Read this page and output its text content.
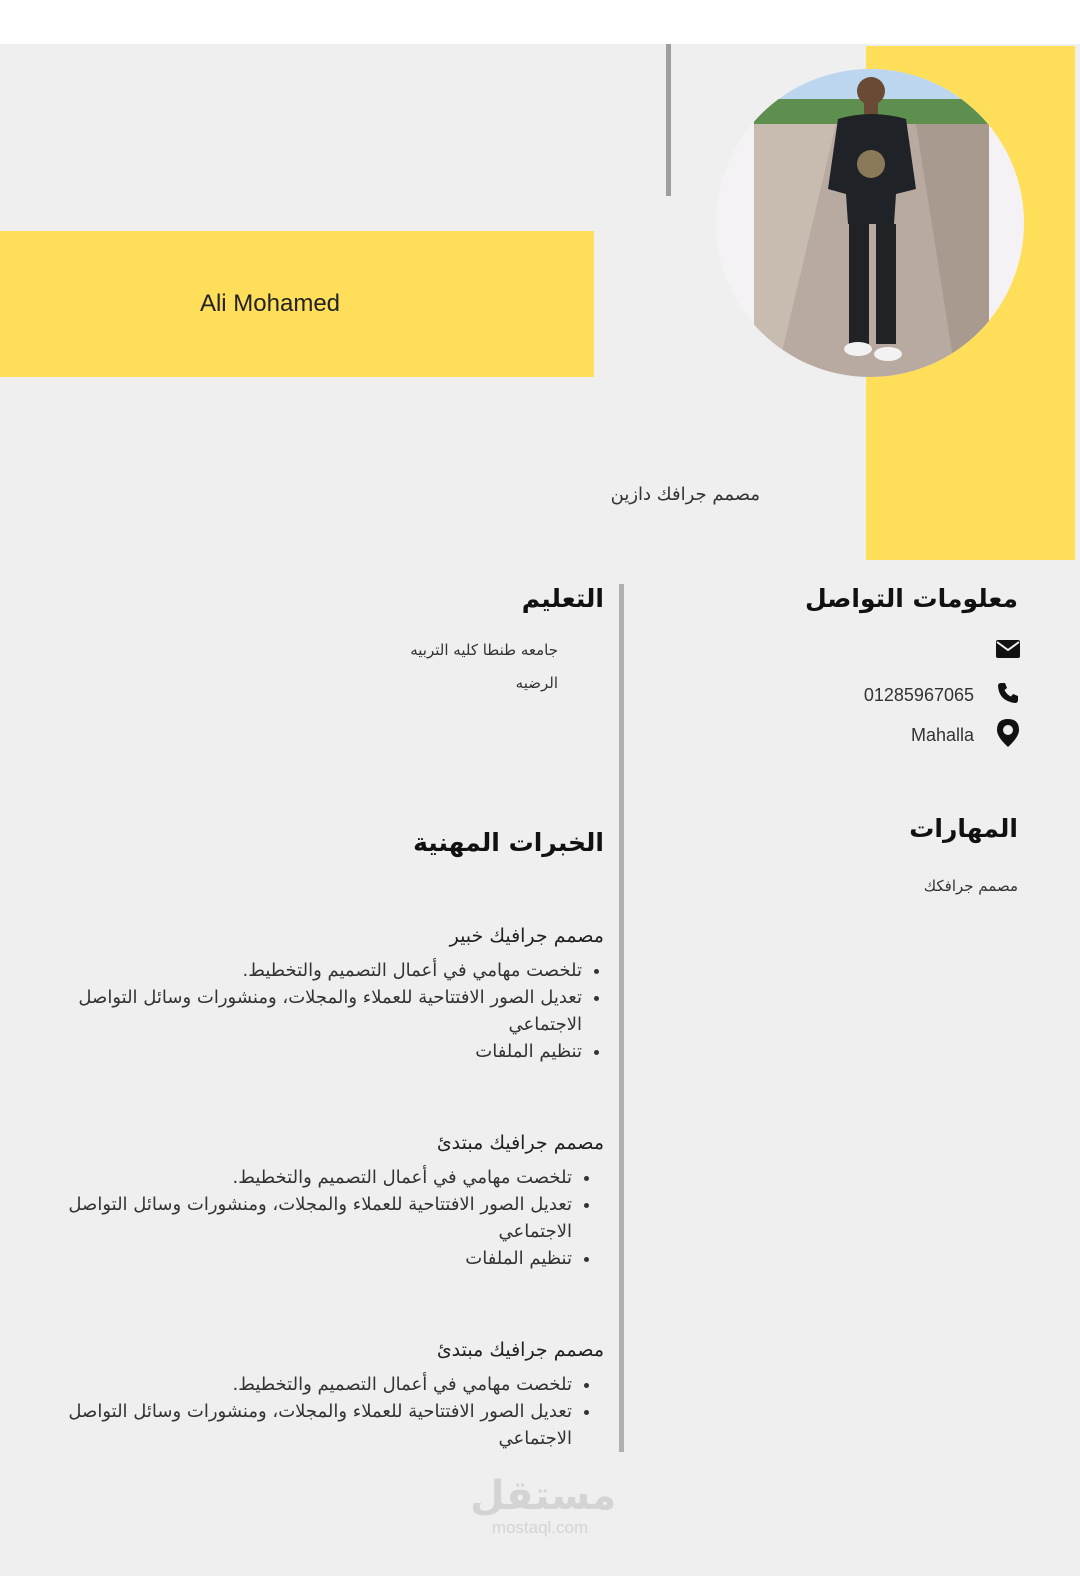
Ali Mohamed
مصمم جرافك دازين
معلومات التواصل
01285967065
Mahalla
المهارات
مصمم جرافكك
التعليم
جامعه طنطا كليه التربيه
الرضيه
الخبرات المهنية
مصمم جرافيك خبير
• تلخصت مهامي في أعمال التصميم والتخطيط.
• تعديل الصور الافتتاحية للعملاء والمجلات، ومنشورات وسائل التواصل الاجتماعي
• تنظيم الملفات
مصمم جرافيك مبتدئ
• تلخصت مهامي في أعمال التصميم والتخطيط.
• تعديل الصور الافتتاحية للعملاء والمجلات، ومنشورات وسائل التواصل الاجتماعي
• تنظيم الملفات
مصمم جرافيك مبتدئ
• تلخصت مهامي في أعمال التصميم والتخطيط.
• تعديل الصور الافتتاحية للعملاء والمجلات، ومنشورات وسائل التواصل الاجتماعي
مستقل
mostaql.com
